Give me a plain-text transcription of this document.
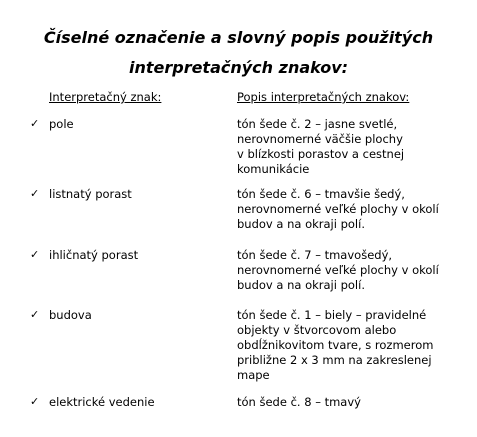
Číselné označenie a slovný popis použitých
interpretačných znakov:
Interpretačný znak:	Popis interpretačných znakov:
✓ pole	tón šede č. 2 – jasne svetlé,
nerovnomerné väčšie plochy
v blízkosti porastov a cestnej
komunikácie
✓ listnatý porast	tón šede č. 6 – tmavšie šedý,
nerovnomerné veľké plochy v okolí
budov a na okraji polí.
✓ ihličnatý porast	tón šede č. 7 – tmavošedý,
nerovnomerné veľké plochy v okolí
budov a na okraji polí.
✓ budova	tón šede č. 1 – biely – pravidelné
objekty v štvorcovom alebo
obdĺžnikovitom tvare, s rozmerom
približne 2 x 3 mm na zakreslenej
mape
✓ elektrické vedenie	tón šede č. 8 – tmavý
